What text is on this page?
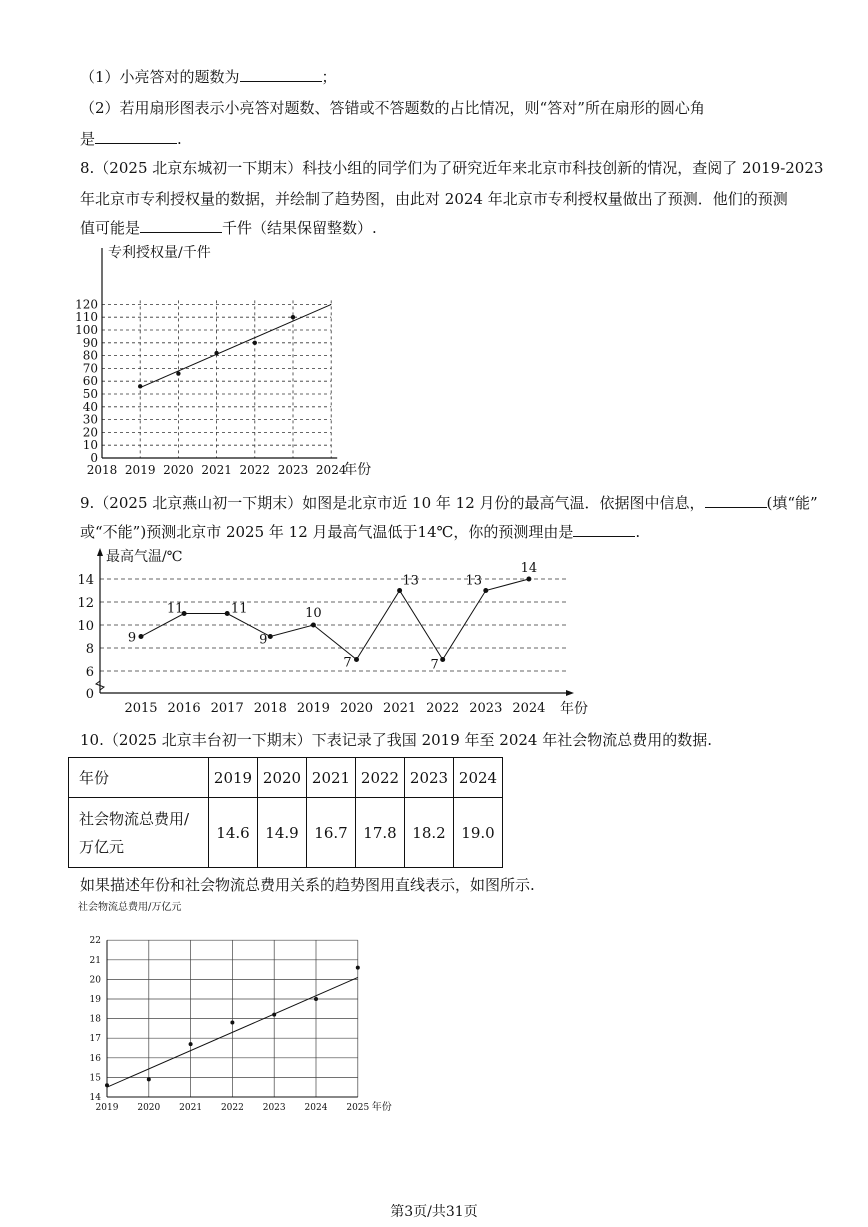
（1）小亮答对的题数为	；
（2）若用扇形图表示小亮答对题数、答错或不答题数的占比情况，则“答对”所在扇形的圆心角
是	.
8.（2025 北京东城初一下期末）科技小组的同学们为了研究近年来北京市科技创新的情况，查阅了 2019-2023
年北京市专利授权量的数据，并绘制了趋势图，由此对 2024 年北京市专利授权量做出了预测．他们的预测
值可能是	千件（结果保留整数）.
0
10
20
30
40
50
60
70
80
90
100
110
120
2018 2019 2020 2021 2022 2023 2024
专利授权量/千件
年份
9.（2025 北京燕山初一下期末）如图是北京市近 10 年 12 月份的最高气温．依据图中信息，	(填“能”
或“不能”)预测北京市 2025 年 12 月最高气温低于14℃，你的预测理由是	.
0
6
8
10
12
14
最高气温/℃
年份
2015 2016 2017 2018 2019 2020 2021 2022 2023 2024
9
11	11
9
10
7
13
7
13
14
10.（2025 北京丰台初一下期末）下表记录了我国 2019 年至 2024 年社会物流总费用的数据.
年份	2019	2020	2021	2022	2023	2024

社会物流总费用/
万亿元	14.6	14.9	16.7	17.8	18.2	19.0
如果描述年份和社会物流总费用关系的趋势图用直线表示，如图所示.
14
15
16
17
18
19
20
21
22
2019 2020 2021 2022 2023 2024 2025
社会物流总费用/万亿元
年份
第3页/共31页
